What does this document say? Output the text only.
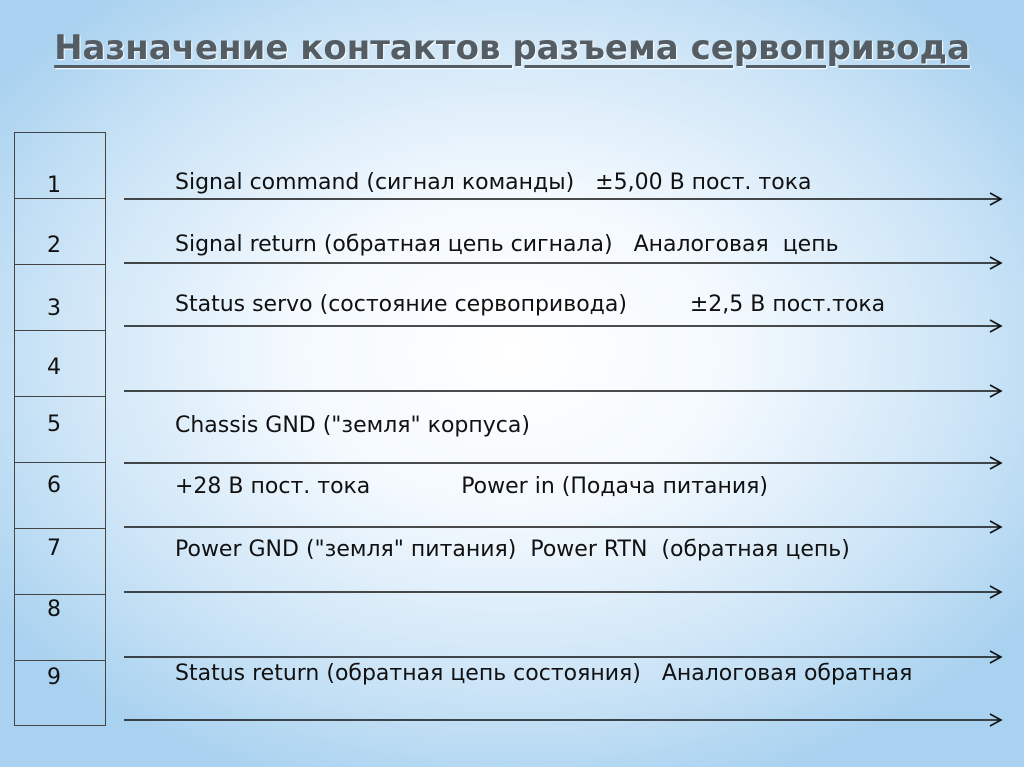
Назначение контактов разъема сервопривода
1
2
3
4
5
6
7
8
9
Signal command (сигнал команды)   ±5,00 В пост. тока
Signal return (обратная цепь сигнала)   Аналоговая  цепь
Status servo (состояние сервопривода)         ±2,5 В пост.тока
Chassis GND ("земля" корпуса)
+28 В пост. тока             Power in (Подача питания)
Power GND ("земля" питания)  Power RTN  (обратная цепь)
Status return (обратная цепь состояния)   Аналоговая обратная
